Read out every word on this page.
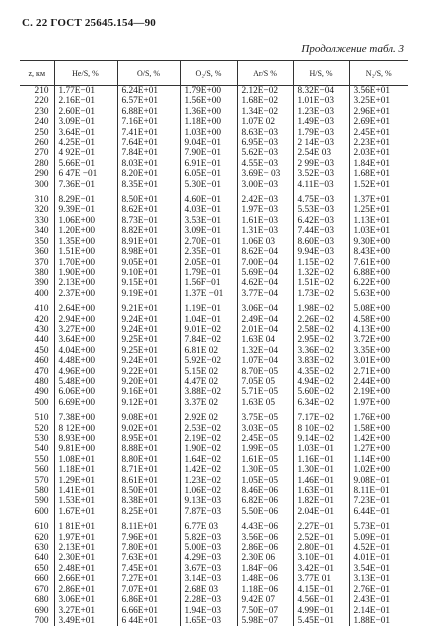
С. 22 ГОСТ 25645.154—90
Продолжение табл. 3
z, км	He/S, %	O/S, %	O₂/S, %	Ar/S %	H/S, %	N₂/S, %
210	1.77E−01	6.24E+01	1.79E+00	2.12E−02	8.32E−04	3.56E+01
220	2.16E−01	6.57E+01	1.56E+00	1.68E−02	1.01E−03	3.25E+01
230	2.60E−01	6.88E+01	1.36E+00	1.34E−02	1.23E−03	2.96E+01
240	3.09E−01	7.16E+01	1.18E+00	1.07E 02	1.49E−03	2.69E+01
250	3.64E−01	7.41E+01	1.03E+00	8.63E−03	1.79E−03	2.45E+01
260	4.25E−01	7.64E+01	9.04E−01	6.95E−03	2 14E−03	2.23E+01
270	4 92E−01	7.84E+01	7.90E−01	5.62E−03	2.54E 03	2.03E+01
280	5.66E−01	8.03E+01	6.91E−01	4.55E−03	2 99E−03	1.84E+01
290	6 47E −01	8.20E+01	6.05E−01	3.69E− 03	3.52E−03	1.68E+01
300	7.36E−01	8.35E+01	5.30E−01	3.00E−03	4.11E−03	1.52E+01
310	8.29E−01	8.50E+01	4.60E−01	2.42E−03	4.75E−03	1.37E+01
320	9.39E−01	8.62E+01	4.03E−01	1.97E−03	5.53E−03	1.25E+01
330	1.06E+00	8.73E−01	3.53E−01	1.61E−03	6.42E−03	1.13E+01
340	1.20E+00	8.82E+01	3.09E−01	1.31E−03	7.44E−03	1.03E+01
350	1.35E+00	8.91E+01	2.70E−01	1.06E 03	8.60E−03	9.30E+00
360	1.51E+00	8.98E+01	2.35E−01	8.62E−04	9.94E−03	8.43E+00
370	1.70E+00	9.05E+01	2.05E−01	7.00E−04	1.15E−02	7.61E+00
380	1.90E+00	9.10E+01	1.79E−01	5.69E−04	1.32E−02	6.88E+00
390	2.13E+00	9.15E+01	1.56F−01	4.62E−04	1.51E−02	6.22E+00
400	2.37E+00	9.19E+01	1.37E −01	3.77E−04	1.73E−02	5.63E+00
410	2.64E+00	9.21E+01	1.19E−01	3.06E−04	1.98E−02	5.08E+00
420	2.94E+00	9.24E+01	1.04E−01	2.49E−04	2.26E−02	4.58E+00
430	3.27E+00	9.24E+01	9.01E−02	2.01E−04	2.58E−02	4.13E+00
440	3.64E+00	9.25E+01	7.84E−02	1.63E 04	2.95E−02	3.72E+00
450	4.04E+00	9.25E+01	6.81E 02	1.32E−04	3.36E−02	3.35E+00
460	4.48E+00	9.24E+01	5.92E−02	1.07E−04	3.83E−02	3.01E+00
470	4.96E+00	9.22E+01	5.15E 02	8.70E−05	4.35E−02	2.71E+00
480	5.48E+00	9.20E+01	4.47E 02	7.05E 05	4.94E−02	2.44E+00
490	6.06E+00	9.16E+01	3.88E−02	5.71E−05	5.60E−02	2.19E+00
500	6.69E+00	9.12E+01	3.37E 02	1.63E 05	6.34E−02	1.97E+00
510	7.38E+00	9.08E+01	2.92E 02	3.75E−05	7.17E−02	1.76E+00
520	8 12E+00	9.02E+01	2.53E−02	3.03E−05	8 10E−02	1.58E+00
530	8.93E+00	8.95E+01	2.19E−02	2.45E−05	9.14E−02	1.42E+00
540	9.81E+00	8.88E+01	1.90E−02	1.99E−05	1.03E−01	1.27E+00
550	1.08E+01	8.80E+01	1.64E−02	1.61E−05	1.16E−01	1.14E+00
560	1.18E+01	8.71E+01	1.42E−02	1.30E−05	1.30E−01	1.02E+00
570	1.29E+01	8.61E+01	1.23E−02	1.05E−05	1.46E−01	9.08E−01
580	1.41E+01	8.50E+01	1.06E−02	8.46E−06	1.63E−01	8.11E−01
590	1.53E+01	8.38E+01	9.13E−03	6.82E−06	1.82E−01	7.23E−01
600	1.67E+01	8.25E+01	7.87E−03	5.50E−06	2.04E−01	6.44E−01
610	1 81E+01	8.11E+01	6.77E 03	4.43E−06	2.27E−01	5.73E−01
620	1.97E+01	7.96E+01	5.82E−03	3.56E−06	2.52E−01	5.09E−01
630	2.13E+01	7.80E+01	5.00E−03	2.86E−06	2.80E−01	4.52E−01
640	2.30E+01	7.63E+01	4.29E−03	2.30E 06	3.10E−01	4.01E−01
650	2.48E+01	7.45E+01	3.67E−03	1.84F−06	3.42E−01	3.54E−01
660	2.66E+01	7.27E+01	3.14E−03	1.48E−06	3.77E 01	3.13E−01
670	2.86E+01	7.07E+01	2.68E 03	1.18E−06	4.15E−01	2.76E−01
680	3.06E+01	6.86E+01	2.28E−03	9.42E 07	4.56E−01	2.43E−01
690	3.27E+01	6.66E+01	1.94E−03	7.50E−07	4.99E−01	2.14E−01
700	3.49E+01	6 44E+01	1.65E−03	5.98E−07	5.45E−01	1.88E−01
